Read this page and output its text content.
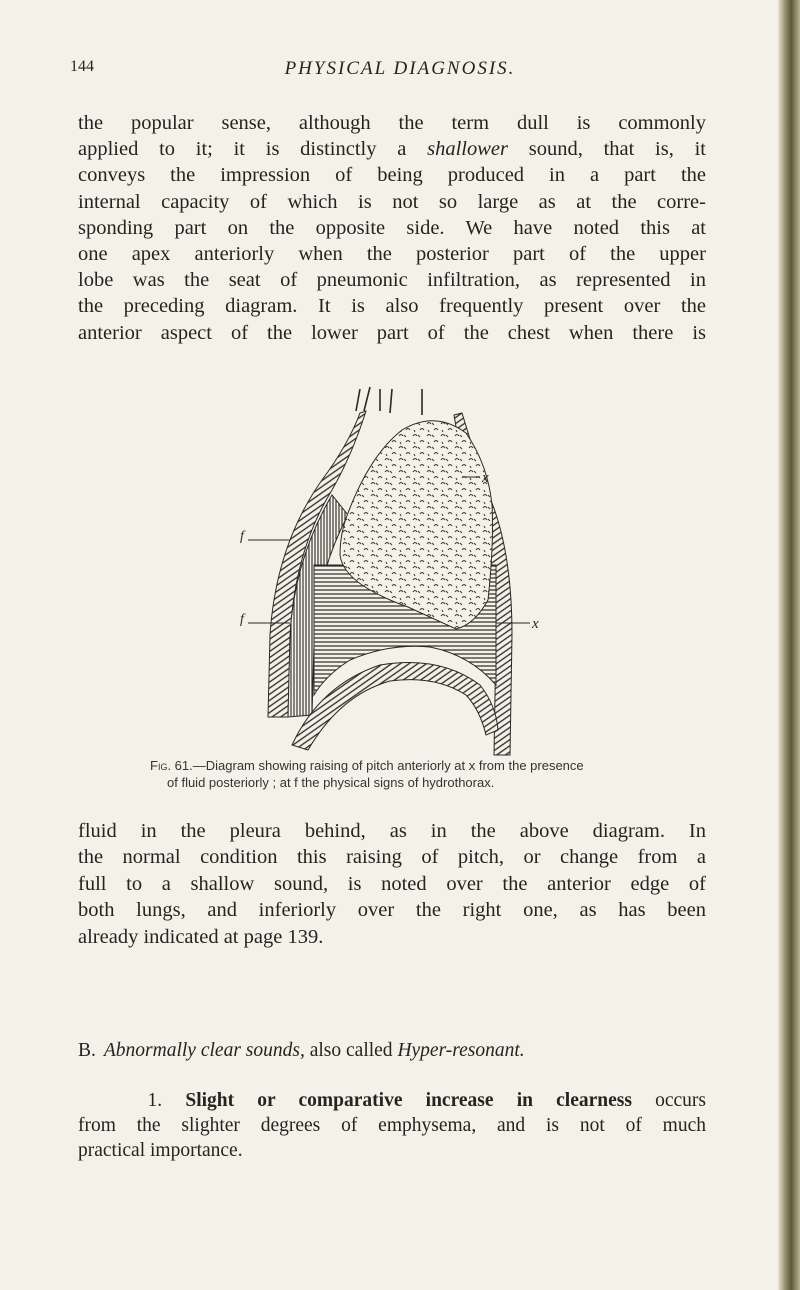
144	PHYSICAL DIAGNOSIS.

the popular sense, although the term dull is commonly
applied to it; it is distinctly a shallower sound, that is, it
conveys the impression of being produced in a part the
internal capacity of which is not so large as at the corre-
sponding part on the opposite side. We have noted this at
one apex anteriorly when the posterior part of the upper
lobe was the seat of pneumonic infiltration, as represented in
the preceding diagram. It is also frequently present over the
anterior aspect of the lower part of the chest when there is

x
x
f
f

Fig. 61.—Diagram showing raising of pitch anteriorly at x from the presence
of fluid posteriorly ; at f the physical signs of hydrothorax.

fluid in the pleura behind, as in the above diagram. In
the normal condition this raising of pitch, or change from a
full to a shallow sound, is noted over the anterior edge of
both lungs, and inferiorly over the right one, as has been
already indicated at page 139.

B. Abnormally clear sounds, also called Hyper-resonant.

1. Slight or comparative increase in clearness occurs
from the slighter degrees of emphysema, and is not of much
practical importance.
